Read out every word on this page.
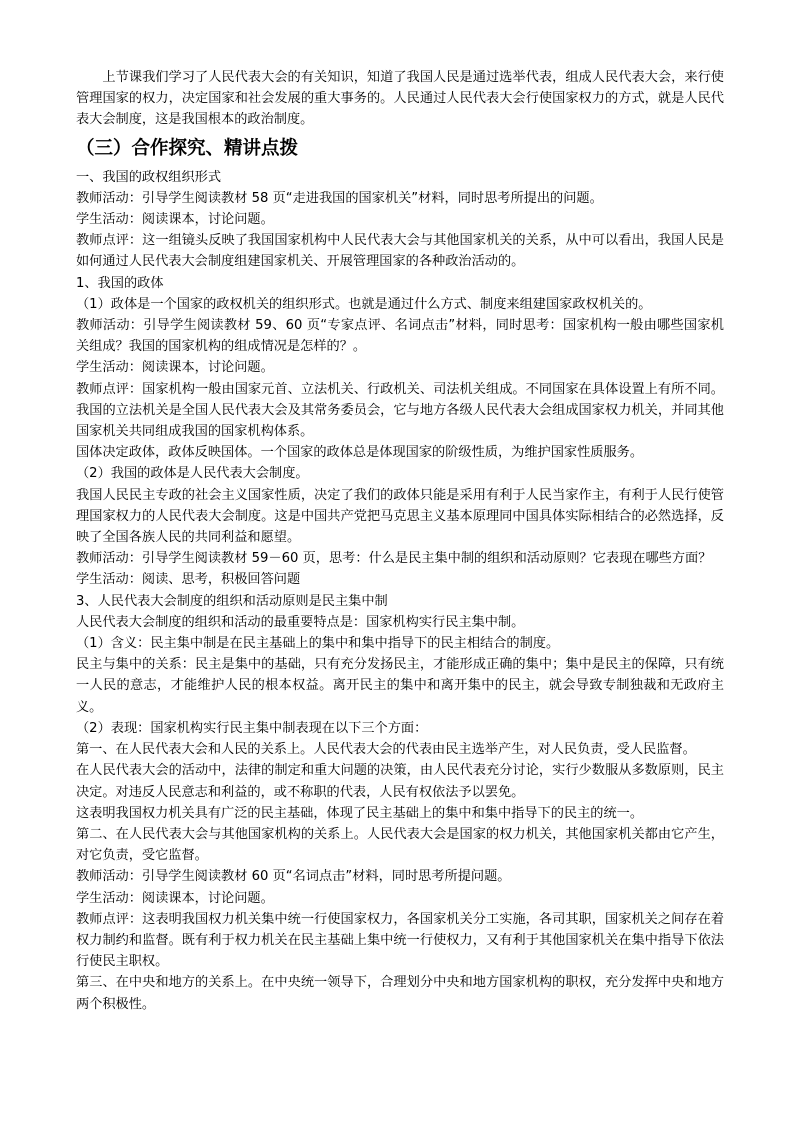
上节课我们学习了人民代表大会的有关知识，知道了我国人民是通过选举代表，组成人民代表大会，来行使管理国家的权力，决定国家和社会发展的重大事务的。人民通过人民代表大会行使国家权力的方式，就是人民代表大会制度，这是我国根本的政治制度。

（三）合作探究、精讲点拨

一、我国的政权组织形式

教师活动：引导学生阅读教材 58 页“走进我国的国家机关”材料，同时思考所提出的问题。

学生活动：阅读课本，讨论问题。

教师点评：这一组镜头反映了我国国家机构中人民代表大会与其他国家机关的关系，从中可以看出，我国人民是如何通过人民代表大会制度组建国家机关、开展管理国家的各种政治活动的。

1、我国的政体

（1）政体是一个国家的政权机关的组织形式。也就是通过什么方式、制度来组建国家政权机关的。

教师活动：引导学生阅读教材 59、60 页“专家点评、名词点击”材料，同时思考：国家机构一般由哪些国家机关组成？我国的国家机构的组成情况是怎样的？。

学生活动：阅读课本，讨论问题。

教师点评：国家机构一般由国家元首、立法机关、行政机关、司法机关组成。不同国家在具体设置上有所不同。我国的立法机关是全国人民代表大会及其常务委员会，它与地方各级人民代表大会组成国家权力机关，并同其他国家机关共同组成我国的国家机构体系。

国体决定政体，政体反映国体。一个国家的政体总是体现国家的阶级性质，为维护国家性质服务。

（2）我国的政体是人民代表大会制度。

我国人民民主专政的社会主义国家性质，决定了我们的政体只能是采用有利于人民当家作主，有利于人民行使管理国家权力的人民代表大会制度。这是中国共产党把马克思主义基本原理同中国具体实际相结合的必然选择，反映了全国各族人民的共同利益和愿望。

教师活动：引导学生阅读教材 59－60 页，思考：什么是民主集中制的组织和活动原则？它表现在哪些方面？

学生活动：阅读、思考，积极回答问题

3、人民代表大会制度的组织和活动原则是民主集中制

人民代表大会制度的组织和活动的最重要特点是：国家机构实行民主集中制。

（1）含义：民主集中制是在民主基础上的集中和集中指导下的民主相结合的制度。

民主与集中的关系：民主是集中的基础，只有充分发扬民主，才能形成正确的集中；集中是民主的保障，只有统一人民的意志，才能维护人民的根本权益。离开民主的集中和离开集中的民主，就会导致专制独裁和无政府主义。

（2）表现：国家机构实行民主集中制表现在以下三个方面：

第一、在人民代表大会和人民的关系上。人民代表大会的代表由民主选举产生，对人民负责，受人民监督。

在人民代表大会的活动中，法律的制定和重大问题的决策，由人民代表充分讨论，实行少数服从多数原则，民主决定。对违反人民意志和利益的，或不称职的代表，人民有权依法予以罢免。

这表明我国权力机关具有广泛的民主基础，体现了民主基础上的集中和集中指导下的民主的统一。

第二、在人民代表大会与其他国家机构的关系上。人民代表大会是国家的权力机关，其他国家机关都由它产生，对它负责，受它监督。

教师活动：引导学生阅读教材 60 页“名词点击”材料，同时思考所提问题。

学生活动：阅读课本，讨论问题。

教师点评：这表明我国权力机关集中统一行使国家权力，各国家机关分工实施，各司其职，国家机关之间存在着权力制约和监督。既有利于权力机关在民主基础上集中统一行使权力，又有利于其他国家机关在集中指导下依法行使民主职权。

第三、在中央和地方的关系上。在中央统一领导下，合理划分中央和地方国家机构的职权，充分发挥中央和地方两个积极性。
